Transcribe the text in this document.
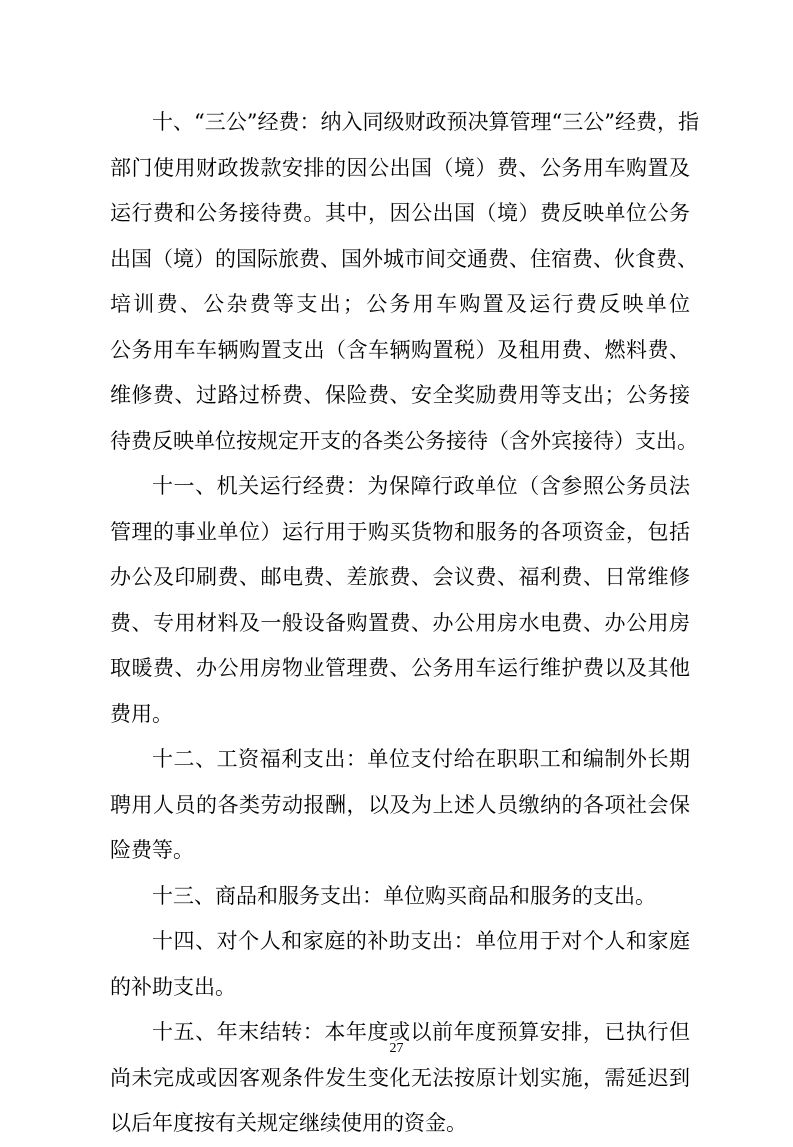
十、“三公”经费：纳入同级财政预决算管理“三公”经费，指
部门使用财政拨款安排的因公出国（境）费、公务用车购置及
运行费和公务接待费。其中，因公出国（境）费反映单位公务
出国（境）的国际旅费、国外城市间交通费、住宿费、伙食费、
培训费、公杂费等支出；公务用车购置及运行费反映单位
公务用车车辆购置支出（含车辆购置税）及租用费、燃料费、
维修费、过路过桥费、保险费、安全奖励费用等支出；公务接
待费反映单位按规定开支的各类公务接待（含外宾接待）支出。
十一、机关运行经费：为保障行政单位（含参照公务员法
管理的事业单位）运行用于购买货物和服务的各项资金，包括
办公及印刷费、邮电费、差旅费、会议费、福利费、日常维修
费、专用材料及一般设备购置费、办公用房水电费、办公用房
取暖费、办公用房物业管理费、公务用车运行维护费以及其他
费用。
十二、工资福利支出：单位支付给在职职工和编制外长期
聘用人员的各类劳动报酬，以及为上述人员缴纳的各项社会保
险费等。
十三、商品和服务支出：单位购买商品和服务的支出。
十四、对个人和家庭的补助支出：单位用于对个人和家庭
的补助支出。
十五、年末结转：本年度或以前年度预算安排，已执行但
尚未完成或因客观条件发生变化无法按原计划实施，需延迟到
以后年度按有关规定继续使用的资金。
27
